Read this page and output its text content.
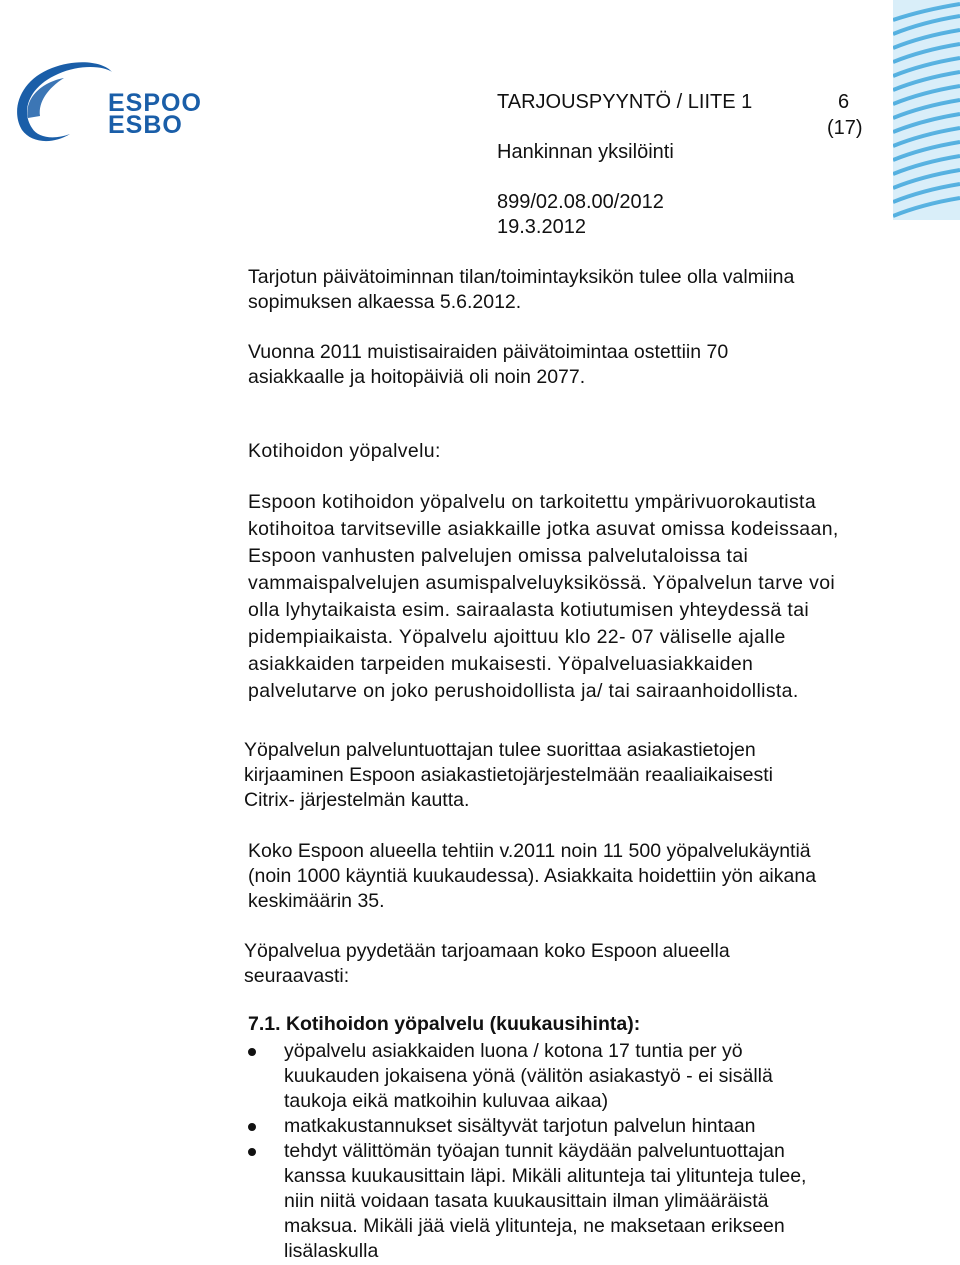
ESPOO
ESBO
TARJOUSPYYNTÖ / LIITE 1	6
(17)
Hankinnan yksilöinti
899/02.08.00/2012
19.3.2012
Tarjotun päivätoiminnan tilan/toimintayksikön tulee olla valmiina
sopimuksen alkaessa 5.6.2012.
Vuonna 2011 muistisairaiden päivätoimintaa ostettiin 70
asiakkaalle ja hoitopäiviä oli noin 2077.
Kotihoidon yöpalvelu:
Espoon kotihoidon yöpalvelu on tarkoitettu ympärivuorokautista
kotihoitoa tarvitseville asiakkaille jotka asuvat omissa kodeissaan,
Espoon vanhusten palvelujen omissa palvelutaloissa tai
vammaispalvelujen asumispalveluyksikössä. Yöpalvelun tarve voi
olla lyhytaikaista esim. sairaalasta kotiutumisen yhteydessä tai
pidempiaikaista. Yöpalvelu ajoittuu klo 22- 07 väliselle ajalle
asiakkaiden tarpeiden mukaisesti. Yöpalveluasiakkaiden
palvelutarve on joko perushoidollista ja/ tai sairaanhoidollista.
Yöpalvelun palveluntuottajan tulee suorittaa asiakastietojen
kirjaaminen Espoon asiakastietojärjestelmään reaaliaikaisesti
Citrix- järjestelmän kautta.
Koko Espoon alueella tehtiin v.2011 noin 11 500 yöpalvelukäyntiä
(noin 1000 käyntiä kuukaudessa). Asiakkaita hoidettiin yön aikana
keskimäärin 35.
Yöpalvelua pyydetään tarjoamaan koko Espoon alueella
seuraavasti:
7.1. Kotihoidon yöpalvelu (kuukausihinta):
yöpalvelu asiakkaiden luona / kotona 17 tuntia per yö
kuukauden jokaisena yönä (välitön asiakastyö - ei sisällä
taukoja eikä matkoihin kuluvaa aikaa)
matkakustannukset sisältyvät tarjotun palvelun hintaan
tehdyt välittömän työajan tunnit käydään palveluntuottajan
kanssa kuukausittain läpi. Mikäli alitunteja tai ylitunteja tulee,
niin niitä voidaan tasata kuukausittain ilman ylimääräistä
maksua. Mikäli jää vielä ylitunteja, ne maksetaan erikseen
lisälaskulla
